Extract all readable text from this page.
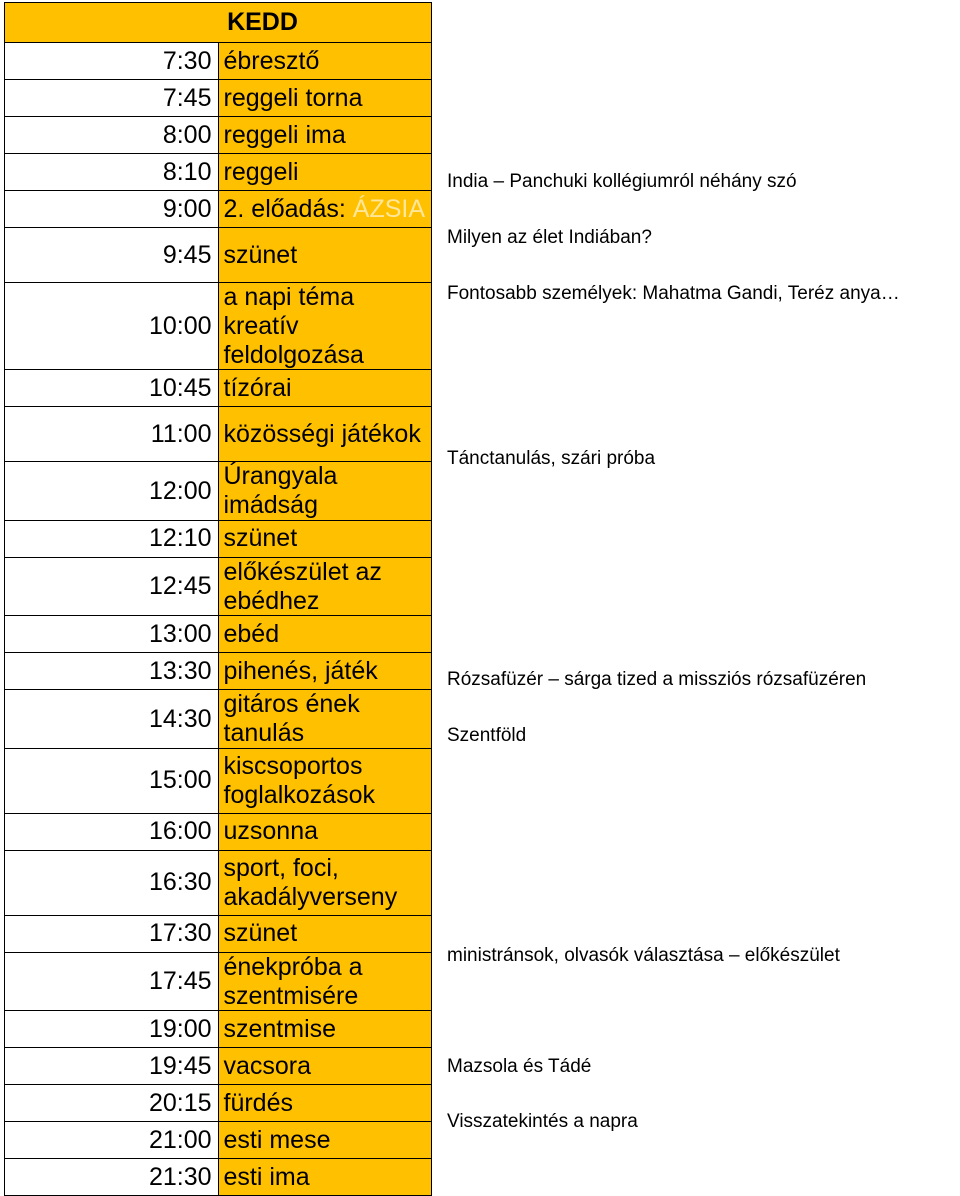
KEDD	
7:30	ébresztő
7:45	reggeli torna
8:00	reggeli ima
8:10	reggeli
9:00	2. előadás: ÁZSIA
9:45	szünet
10:00	a napi téma kreatív feldolgozása
10:45	tízórai
11:00	közösségi játékok
12:00	Úrangyala imádság
12:10	szünet
12:45	előkészület az ebédhez
13:00	ebéd
13:30	pihenés, játék
14:30	gitáros ének tanulás
15:00	kiscsoportos foglalkozások
16:00	uzsonna
16:30	sport, foci, akadályverseny
17:30	szünet
17:45	énekpróba a szentmisére
19:00	szentmise
19:45	vacsora
20:15	fürdés
21:00	esti mese
21:30	esti ima
India – Panchuki kollégiumról néhány szó
Milyen az élet Indiában?
Fontosabb személyek: Mahatma Gandi, Teréz anya…
Tánctanulás, szári próba
Rózsafüzér – sárga tized a missziós rózsafüzéren
Szentföld
ministránsok, olvasók választása – előkészület
Mazsola és Tádé
Visszatekintés a napra
